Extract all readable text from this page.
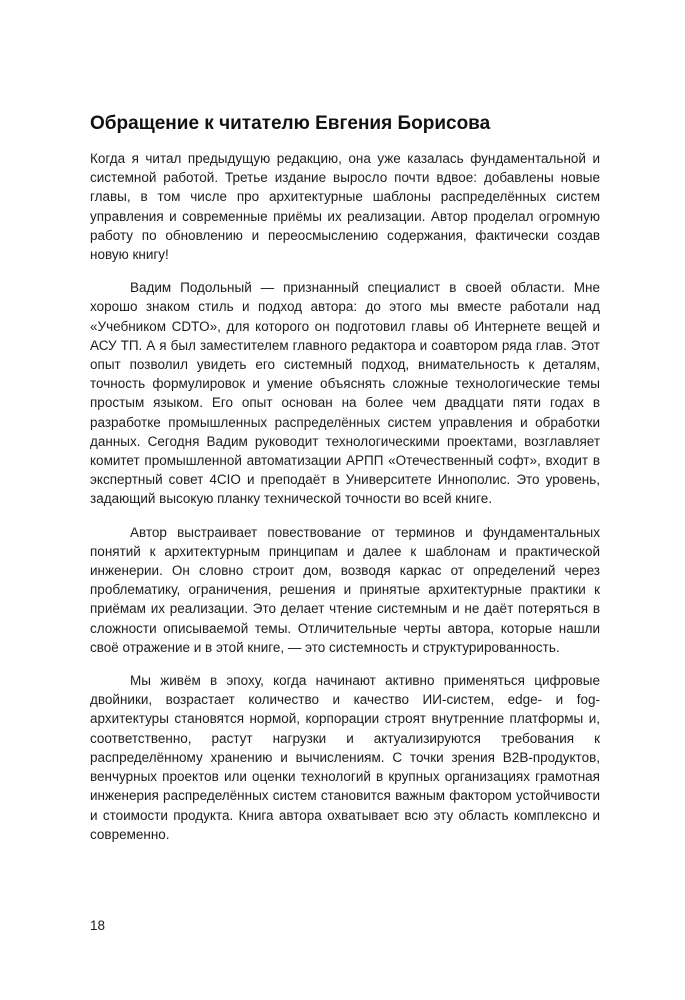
Обращение к читателю Евгения Борисова

Когда я читал предыдущую редакцию, она уже казалась фундаментальной и системной работой. Третье издание выросло почти вдвое: добавлены новые главы, в том числе про архитектурные шаблоны распределённых систем управления и современные приёмы их реализации. Автор проделал огромную работу по обновлению и переосмыслению содержания, фактически создав новую книгу!

Вадим Подольный — признанный специалист в своей области. Мне хорошо знаком стиль и подход автора: до этого мы вместе работали над «Учебником CDTO», для которого он подготовил главы об Интернете вещей и АСУ ТП. А я был заместителем главного редактора и соавтором ряда глав. Этот опыт позволил увидеть его системный подход, внимательность к деталям, точность формулировок и умение объяснять сложные технологические темы простым языком. Его опыт основан на более чем двадцати пяти годах в разработке промышленных распределённых систем управления и обработки данных. Сегодня Вадим руководит технологическими проектами, возглавляет комитет промышленной автоматизации АРПП «Отечественный софт», входит в экспертный совет 4CIO и преподаёт в Университете Иннополис. Это уровень, задающий высокую планку технической точности во всей книге.

Автор выстраивает повествование от терминов и фундаментальных понятий к архитектурным принципам и далее к шаблонам и практической инженерии. Он словно строит дом, возводя каркас от определений через проблематику, ограничения, решения и принятые архитектурные практики к приёмам их реализации. Это делает чтение системным и не даёт потеряться в сложности описываемой темы. Отличительные черты автора, которые нашли своё отражение и в этой книге, — это системность и структурированность.

Мы живём в эпоху, когда начинают активно применяться цифровые двойники, возрастает количество и качество ИИ-систем, edge- и fog-архитектуры становятся нормой, корпорации строят внутренние платформы и, соответственно, растут нагрузки и актуализируются требования к распределённому хранению и вычислениям. С точки зрения B2B-продуктов, венчурных проектов или оценки технологий в крупных организациях грамотная инженерия распределённых систем становится важным фактором устойчивости и стоимости продукта. Книга автора охватывает всю эту область комплексно и современно.

18
